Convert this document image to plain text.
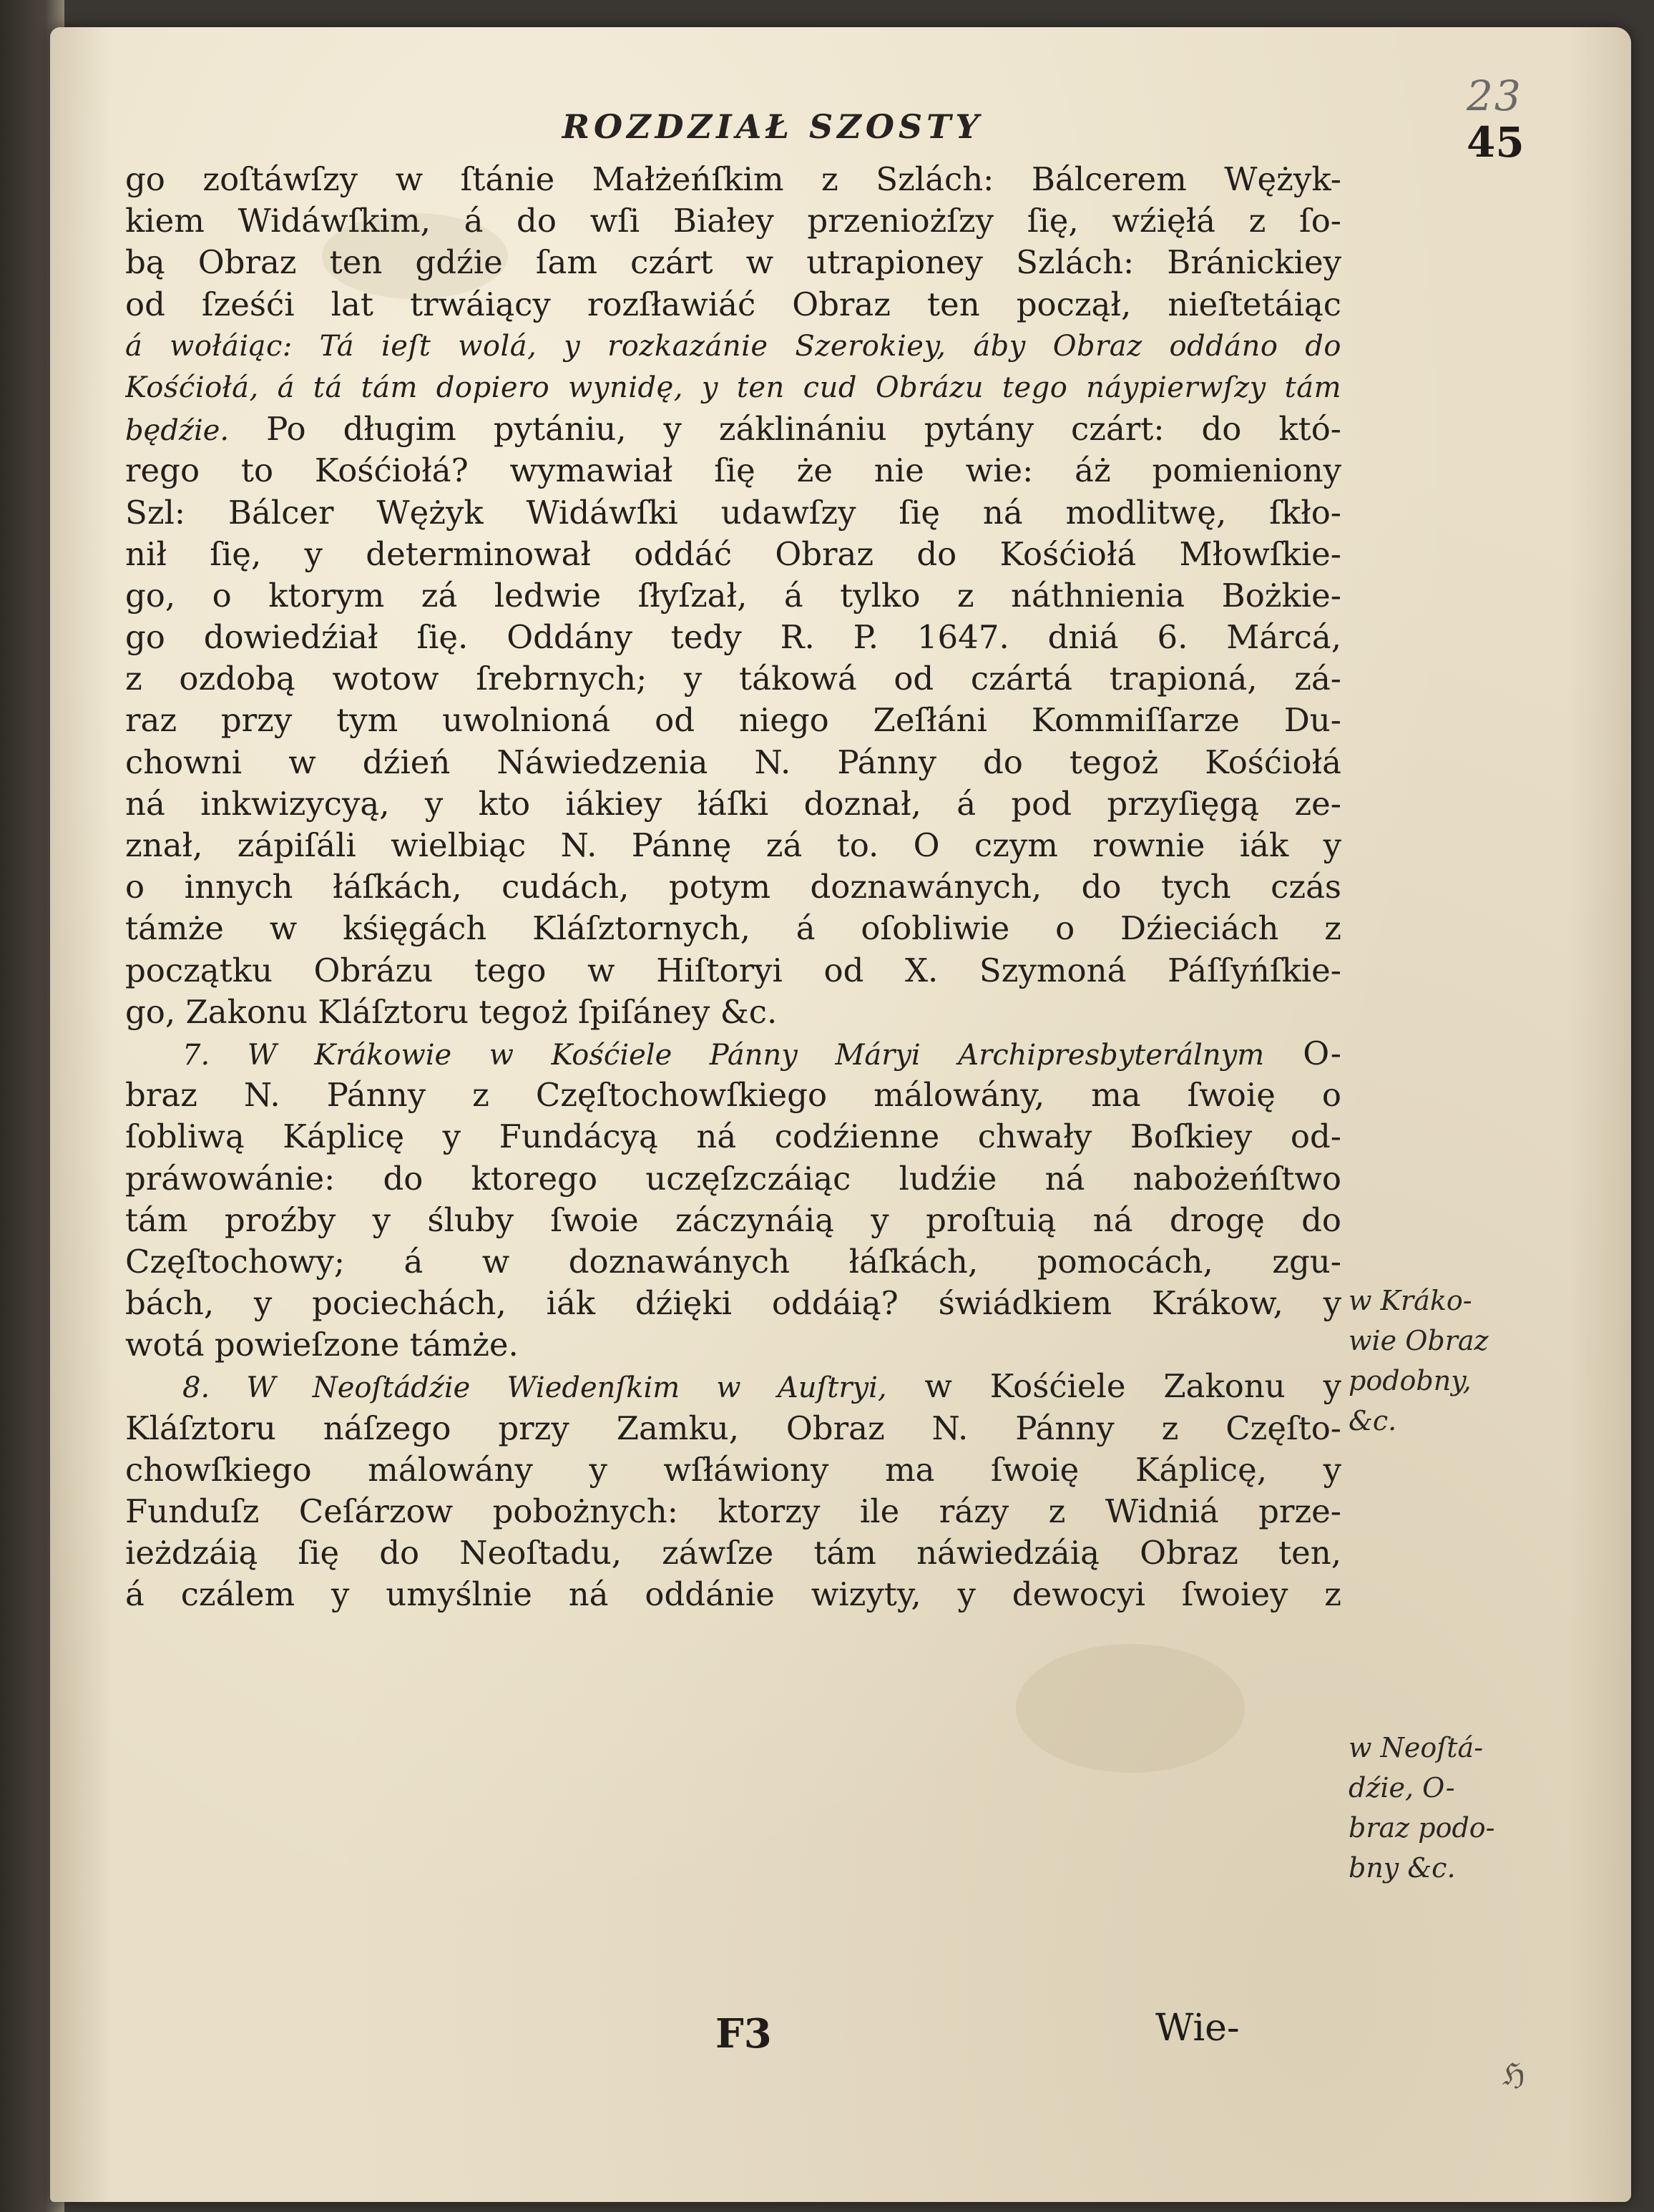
23
ROZDZIAŁ SZOSTY	45
go zoſtáwſzy w ſtánie Małżeńſkim z Szlách: Bálcerem Wężyk-
kiem Widáwſkim, á do wſi Białey przeniożſzy ſię, wźięłá z ſo-
bą Obraz ten gdźie ſam czárt w utrapioney Szlách: Bránickiey
od ſześći lat trwáiący rozſławiáć Obraz ten począł, nieſtetáiąc
á wołáiąc: Tá ieſt wolá, y rozkazánie Szerokiey, áby Obraz oddáno do
Kośćiołá, á tá tám dopiero wynidę, y ten cud Obrázu tego náypierwſzy tám
będźie. Po długim pytániu, y záklinániu pytány czárt: do któ-
rego to Kośćiołá? wymawiał ſię że nie wie: áż pomieniony
Szl: Bálcer Wężyk Widáwſki udawſzy ſię ná modlitwę, ſkło-
nił ſię, y determinował oddáć Obraz do Kośćiołá Młowſkie-
go, o ktorym zá ledwie ſłyſzał, á tylko z náthnienia Bożkie-
go dowiedźiał ſię. Oddány tedy R. P. 1647. dniá 6. Márcá,
z ozdobą wotow ſrebrnych; y tákowá od czártá trapioná, zá-
raz przy tym uwolnioná od niego Zeſłáni Kommiſſarze Du-
chowni w dźień Náwiedzenia N. Pánny do tegoż Kośćiołá
ná inkwizycyą, y kto iákiey łáſki doznał, á pod przyſięgą ze-
znał, zápiſáli wielbiąc N. Pánnę zá to. O czym rownie iák y
o innych łáſkách, cudách, potym doznawánych, do tych czás
támże w kśięgách Kláſztornych, á oſobliwie o Dźieciách z
początku Obrázu tego w Hiſtoryi od X. Szymoná Páſſyńſkie-
go, Zakonu Kláſztoru tegoż ſpiſáney &c.
7. W Krákowie w Kośćiele Pánny Máryi Archipresbyterálnym O-
braz N. Pánny z Częſtochowſkiego málowány, ma ſwoię o
ſobliwą Káplicę y Fundácyą ná codźienne chwały Boſkiey od-
práwowánie: do ktorego uczęſzczáiąc ludźie ná nabożeńſtwo
tám proźby y śluby ſwoie záczynáią y proſtuią ná drogę do
Częſtochowy; á w doznawánych łáſkách, pomocách, zgu-
bách, y pociechách, iák dźięki oddáią? świádkiem Krákow, y
wotá powieſzone támże.
8. W Neoſtádźie Wiedenſkim w Auſtryi, w Kośćiele Zakonu y
Kláſztoru náſzego przy Zamku, Obraz N. Pánny z Częſto-
chowſkiego málowány y wſłáwiony ma ſwoię Káplicę, y
Funduſz Ceſárzow pobożnych: ktorzy ile rázy z Widniá prze-
ieżdzáią ſię do Neoſtadu, záwſze tám náwiedzáią Obraz ten,
á czálem y umyślnie ná oddánie wizyty, y dewocyi ſwoiey z
w Kráko-
wie Obraz
podobny,
&c.
w Neoſtá-
dźie, O-
braz podo-
bny &c.
F3	Wie-
ℌ
